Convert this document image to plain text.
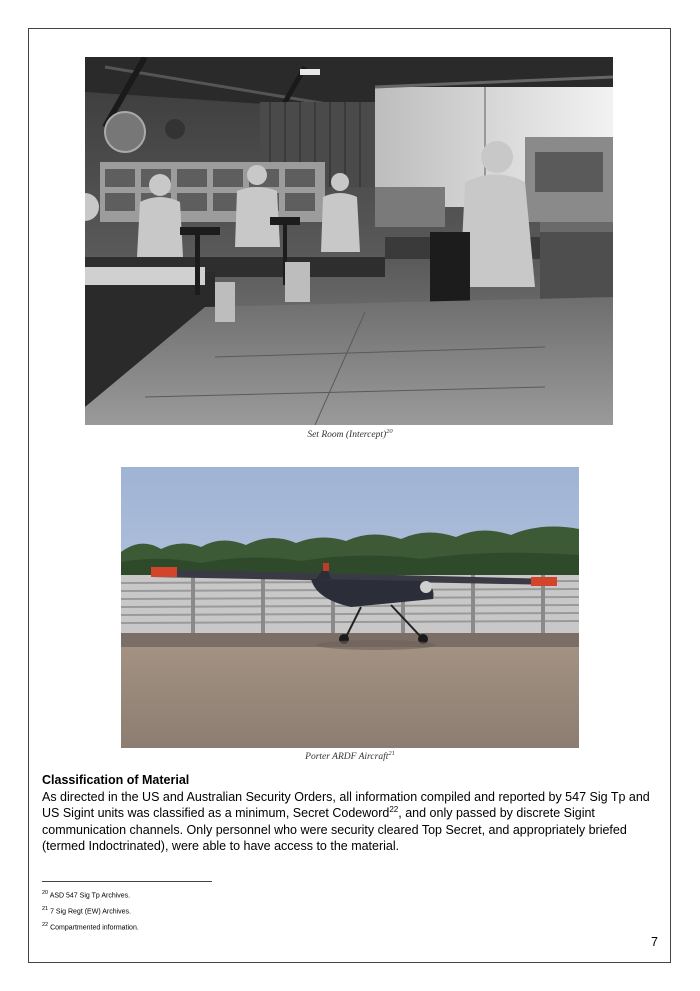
Set Room (Intercept)$^{20}$
Porter ARDF Aircraft$^{21}$
Classification of Material
As directed in the US and Australian Security Orders, all information compiled and reported by 547 Sig Tp and US Sigint units was classified as a minimum, Secret Codeword$^{22}$, and only passed by discrete Sigint communication channels. Only personnel who were security cleared Top Secret, and appropriately briefed (termed Indoctrinated), were able to have access to the material.
$^{20}$ ASD 547 Sig Tp Archives.
$^{21}$ 7 Sig Regt (EW) Archives.
$^{22}$ Compartmented information.
7
